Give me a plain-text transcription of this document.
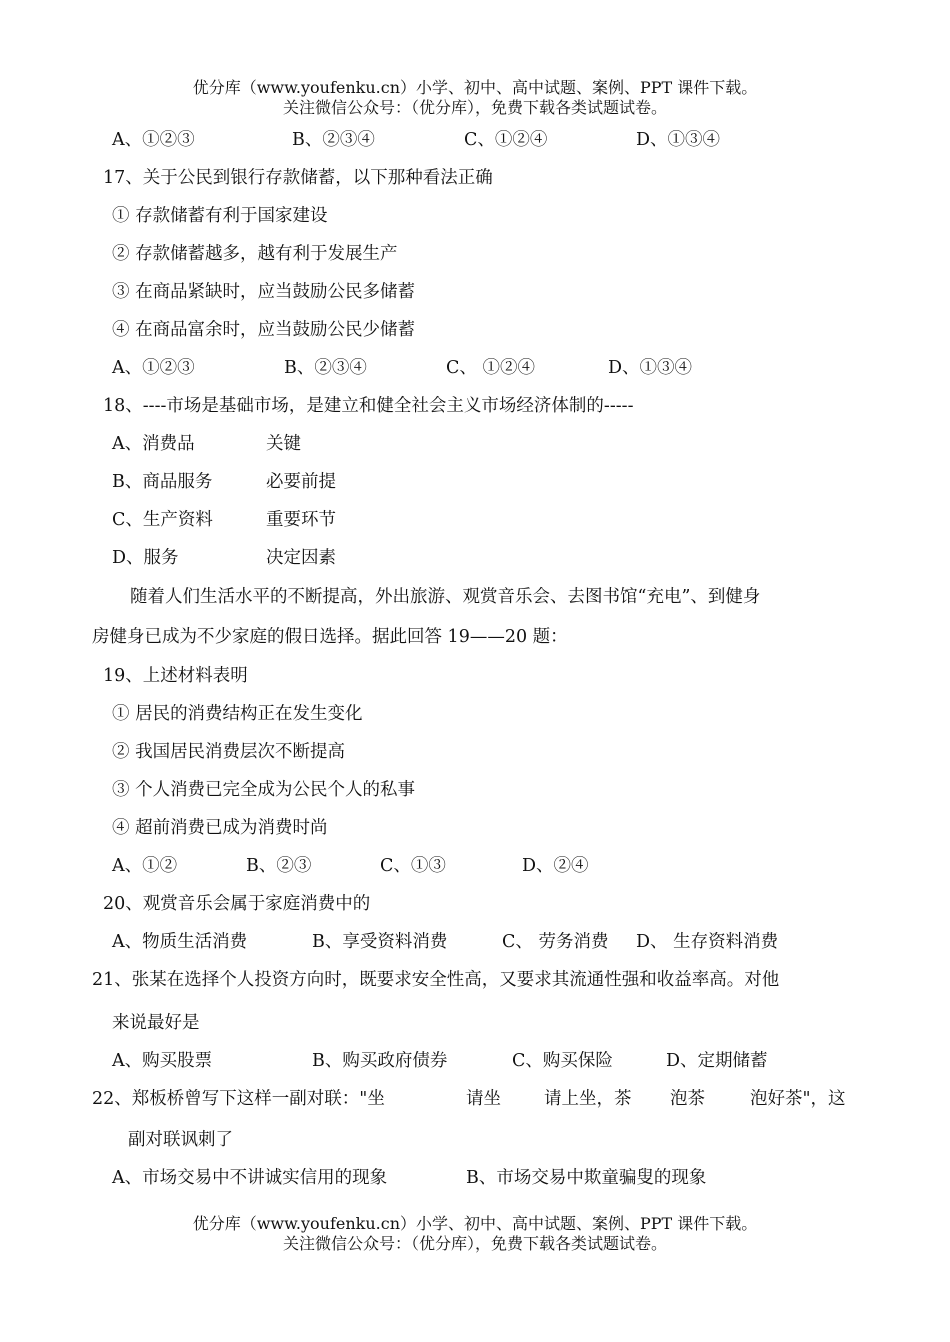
优分库（www.youfenku.cn）小学、初中、高中试题、案例、PPT 课件下载。
关注微信公众号：（优分库），免费下载各类试题试卷。
A、①②③	B、②③④	C、①②④	D、①③④
17、关于公民到银行存款储蓄，以下那种看法正确
① 存款储蓄有利于国家建设
② 存款储蓄越多，越有利于发展生产
③ 在商品紧缺时，应当鼓励公民多储蓄
④ 在商品富余时，应当鼓励公民少储蓄
A、①②③	B、②③④	C、 ①②④	D、①③④
18、----市场是基础市场，是建立和健全社会主义市场经济体制的-----
A、消费品	关键
B、商品服务	必要前提
C、生产资料	重要环节
D、服务	决定因素
随着人们生活水平的不断提高，外出旅游、观赏音乐会、去图书馆“充电”、到健身
房健身已成为不少家庭的假日选择。据此回答 19——20 题：
19、上述材料表明
① 居民的消费结构正在发生变化
② 我国居民消费层次不断提高
③ 个人消费已完全成为公民个人的私事
④ 超前消费已成为消费时尚
A、①②	B、②③	C、①③	D、②④
20、观赏音乐会属于家庭消费中的
A、物质生活消费	B、享受资料消费	C、 劳务消费 D、 生存资料消费
21、张某在选择个人投资方向时，既要求安全性高，又要求其流通性强和收益率高。对他
来说最好是
A、购买股票	B、购买政府债券	C、购买保险	D、定期储蓄
22、郑板桥曾写下这样一副对联："坐	请坐 请上坐，茶 泡茶	泡好茶"，这
副对联讽刺了
A、市场交易中不讲诚实信用的现象	B、市场交易中欺童骗叟的现象
优分库（www.youfenku.cn）小学、初中、高中试题、案例、PPT 课件下载。
关注微信公众号：（优分库），免费下载各类试题试卷。
